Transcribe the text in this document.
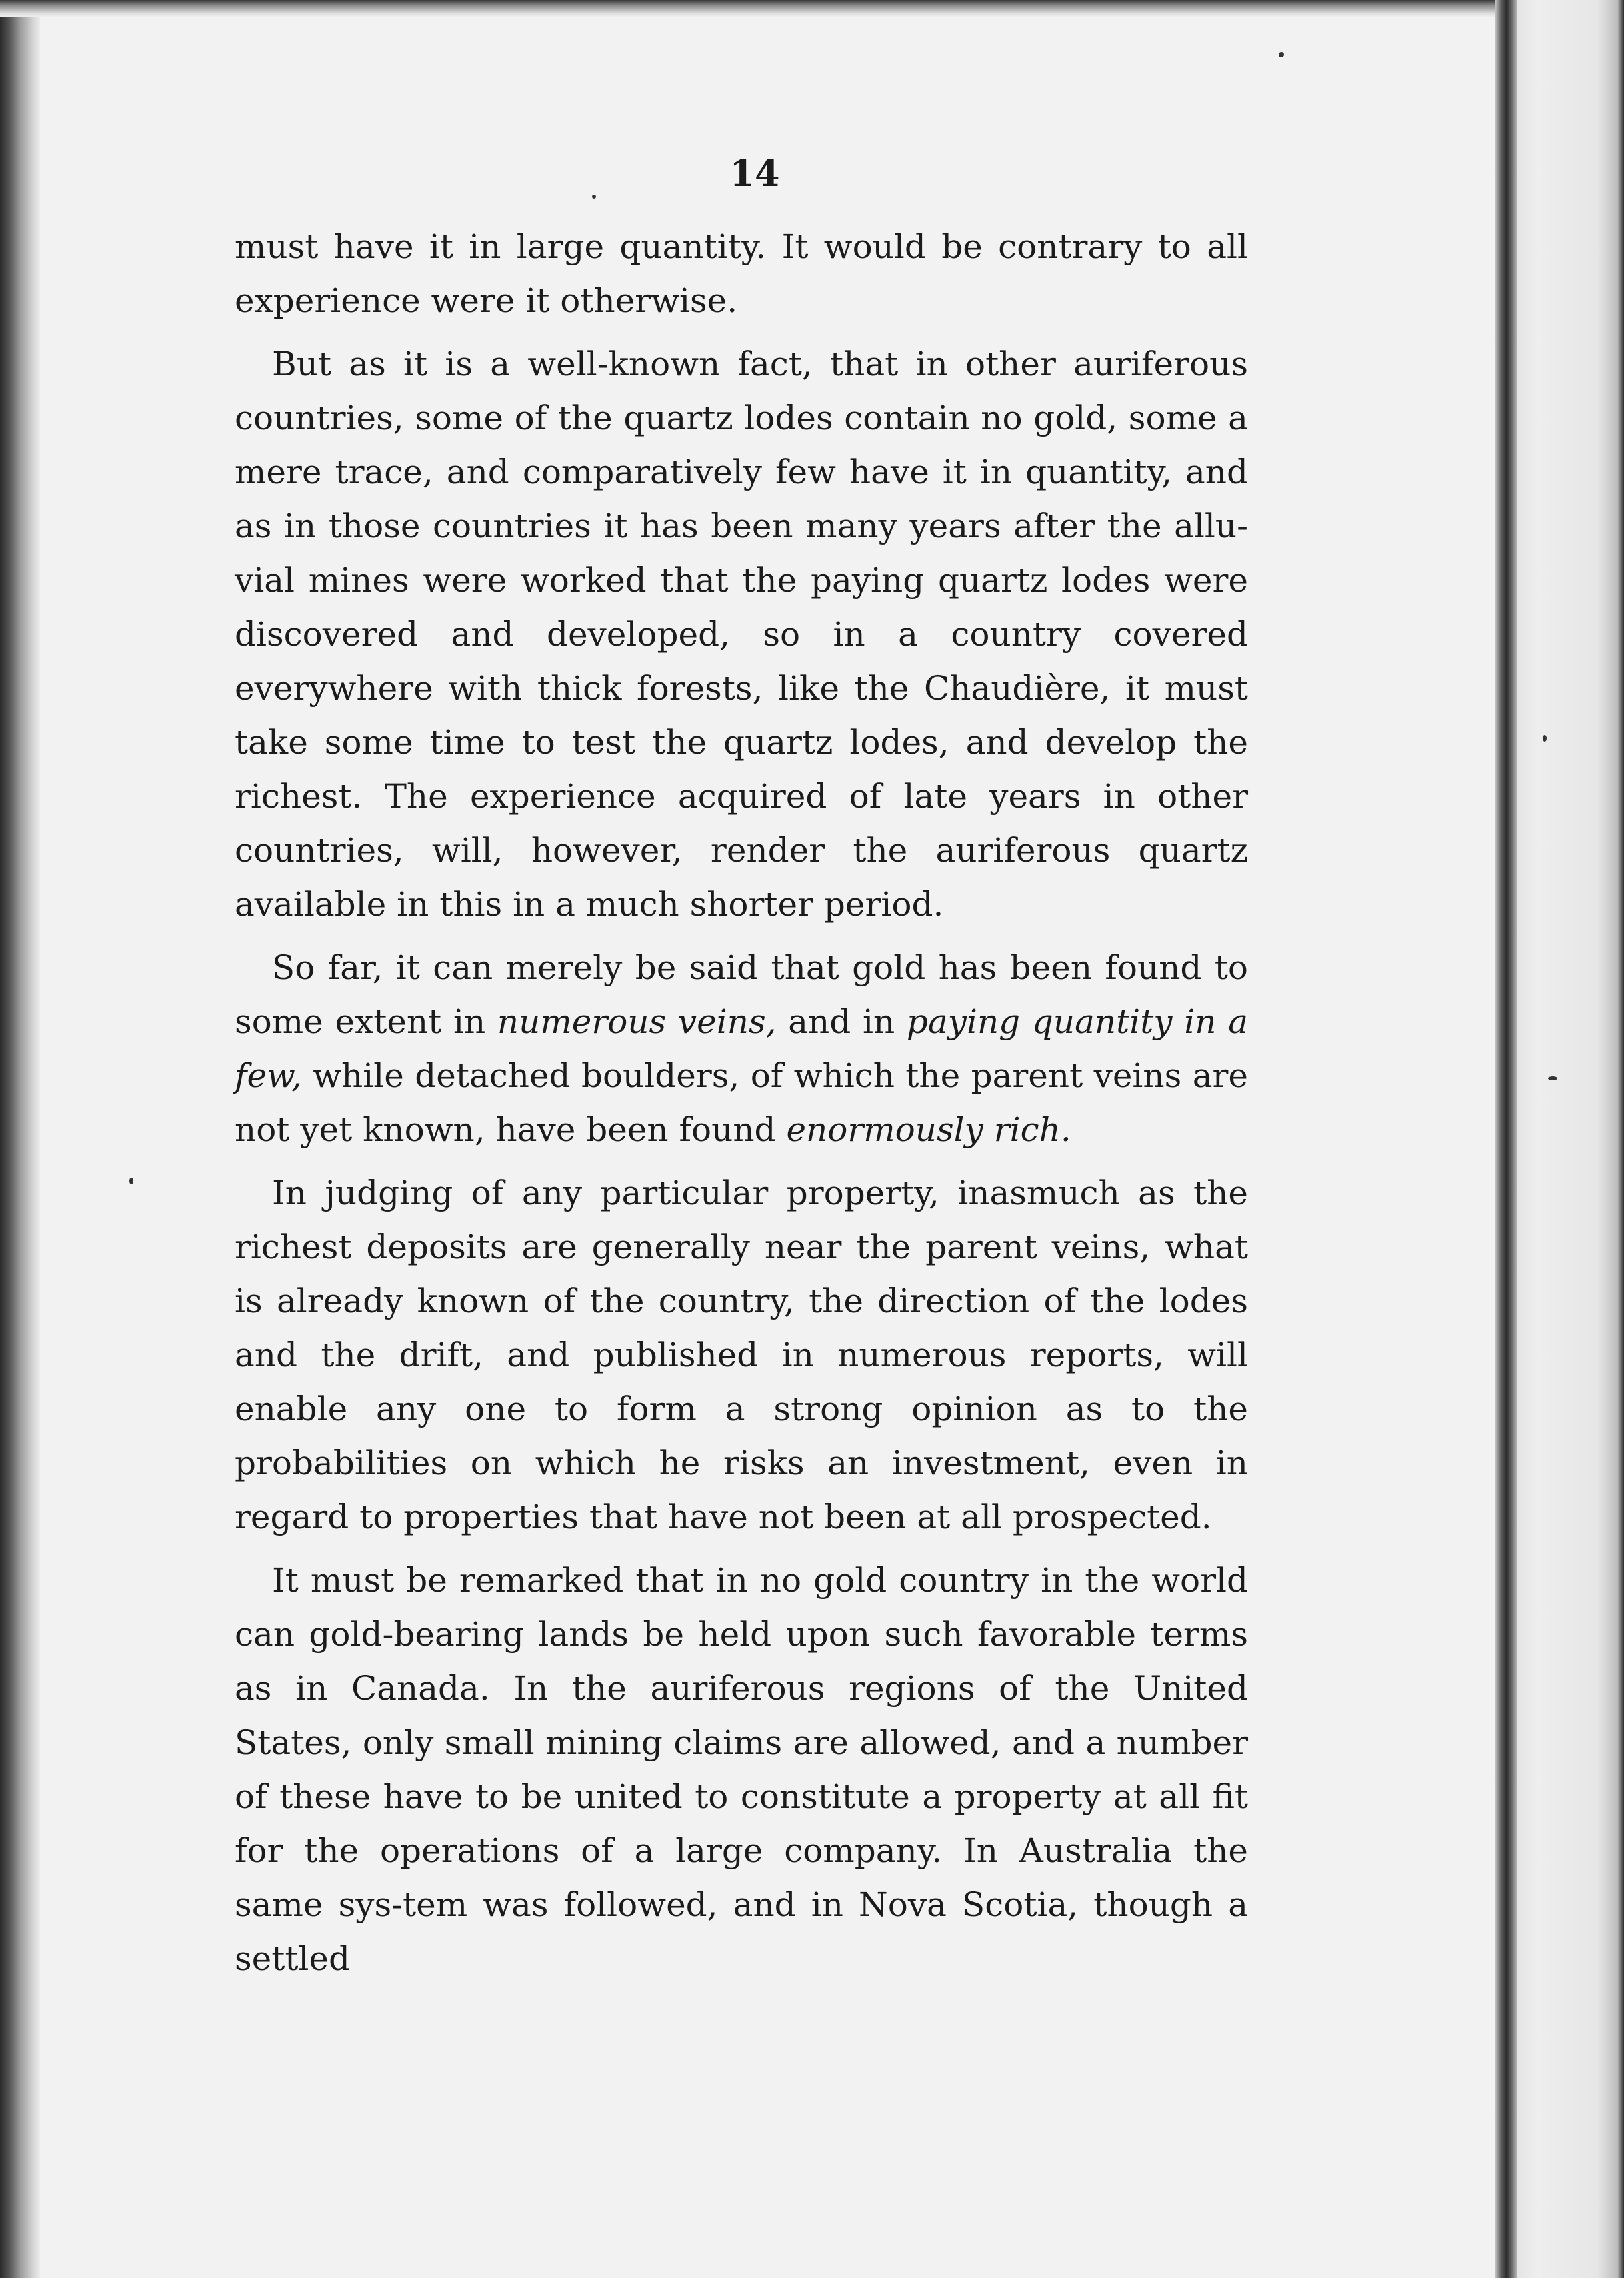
14

must have it in large quantity. It would be contrary to all experience were it otherwise.

But as it is a well-known fact, that in other auriferous countries, some of the quartz lodes contain no gold, some a mere trace, and comparatively few have it in quantity, and as in those countries it has been many years after the allu-vial mines were worked that the paying quartz lodes were discovered and developed, so in a country covered everywhere with thick forests, like the Chaudière, it must take some time to test the quartz lodes, and develop the richest. The experience acquired of late years in other countries, will, however, render the auriferous quartz available in this in a much shorter period.

So far, it can merely be said that gold has been found to some extent in numerous veins, and in paying quantity in a few, while detached boulders, of which the parent veins are not yet known, have been found enormously rich.

In judging of any particular property, inasmuch as the richest deposits are generally near the parent veins, what is already known of the country, the direction of the lodes and the drift, and published in numerous reports, will enable any one to form a strong opinion as to the probabilities on which he risks an investment, even in regard to properties that have not been at all prospected.

It must be remarked that in no gold country in the world can gold-bearing lands be held upon such favorable terms as in Canada. In the auriferous regions of the United States, only small mining claims are allowed, and a number of these have to be united to constitute a property at all fit for the operations of a large company. In Australia the same sys-tem was followed, and in Nova Scotia, though a settled
